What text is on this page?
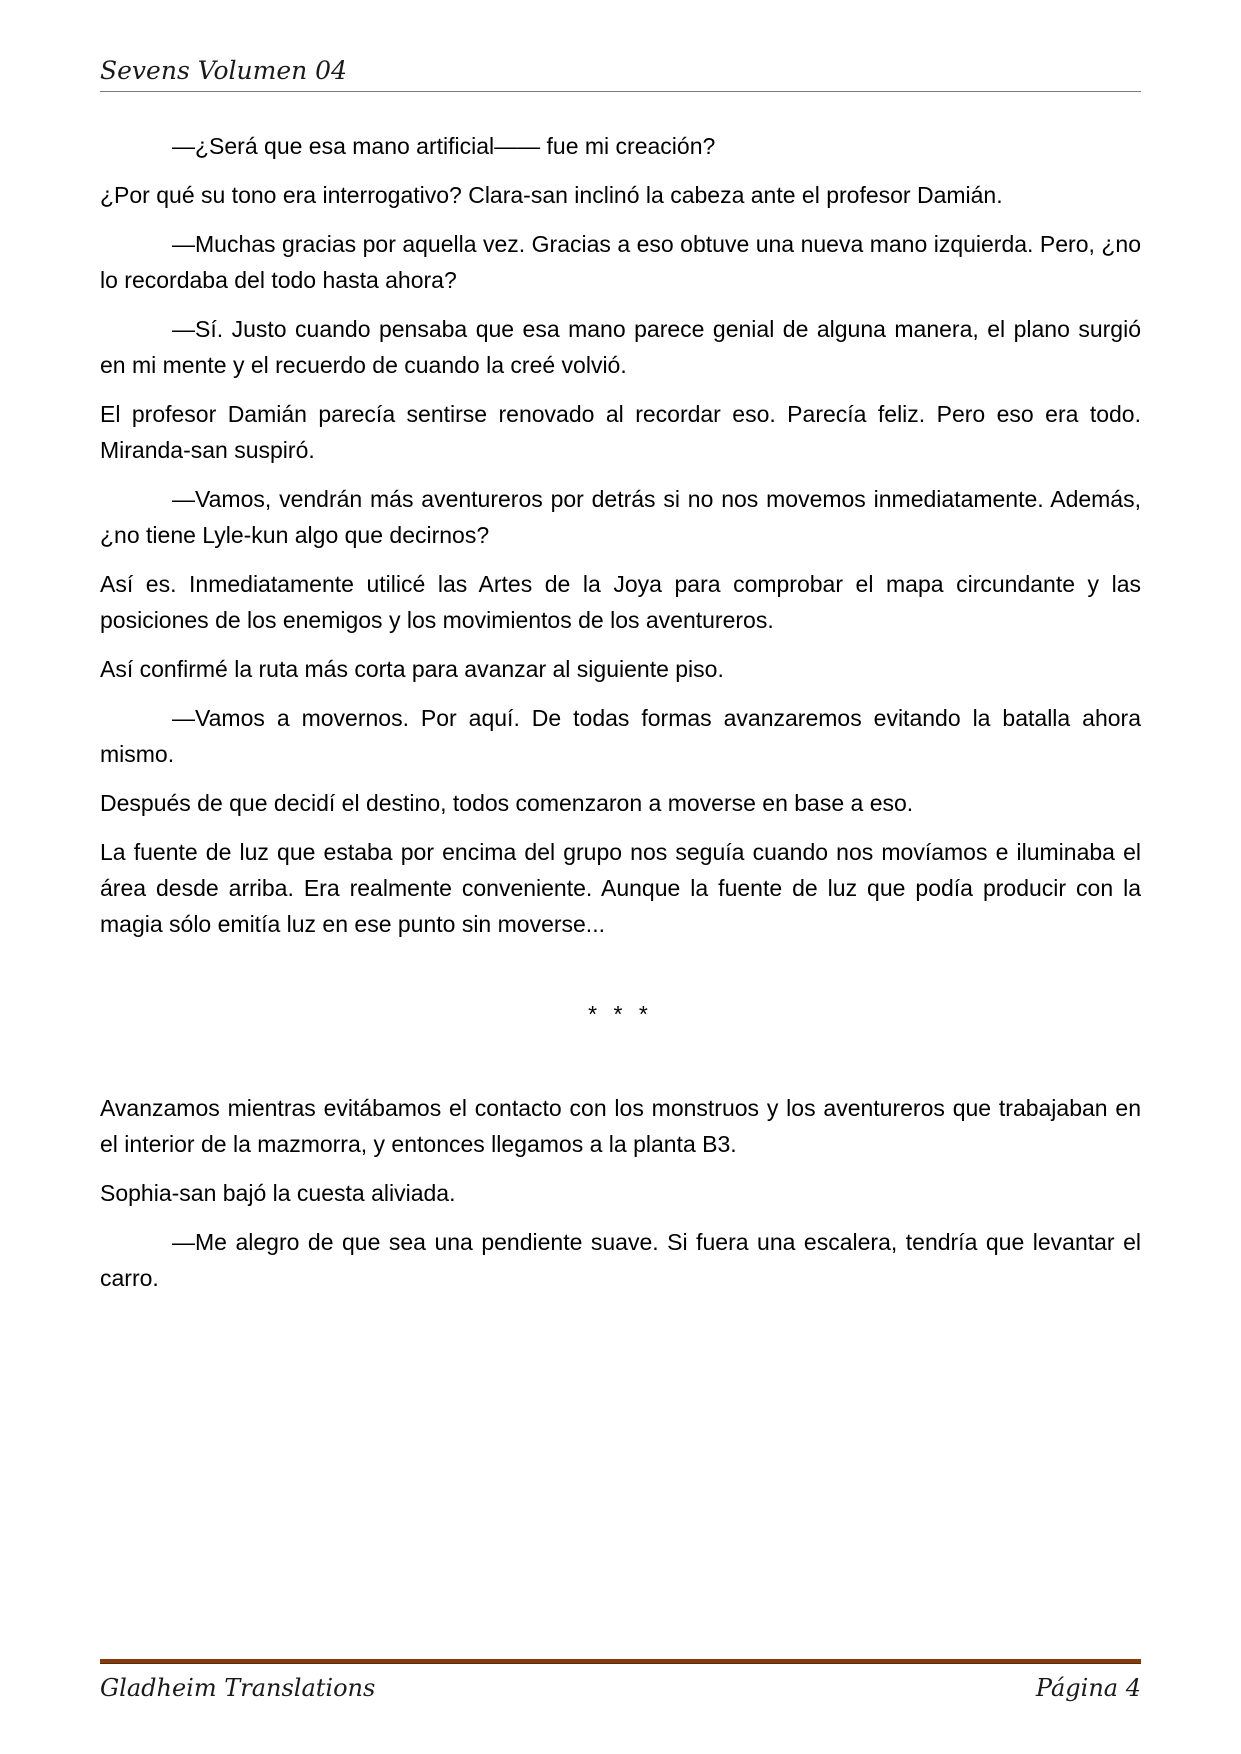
Sevens Volumen 04

—¿Será que esa mano artificial—— fue mi creación?

¿Por qué su tono era interrogativo? Clara-san inclinó la cabeza ante el profesor Damián.

—Muchas gracias por aquella vez. Gracias a eso obtuve una nueva mano izquierda. Pero, ¿no lo recordaba del todo hasta ahora?

—Sí. Justo cuando pensaba que esa mano parece genial de alguna manera, el plano surgió en mi mente y el recuerdo de cuando la creé volvió.

El profesor Damián parecía sentirse renovado al recordar eso. Parecía feliz. Pero eso era todo. Miranda-san suspiró.

—Vamos, vendrán más aventureros por detrás si no nos movemos inmediatamente. Además, ¿no tiene Lyle-kun algo que decirnos?

Así es. Inmediatamente utilicé las Artes de la Joya para comprobar el mapa circundante y las posiciones de los enemigos y los movimientos de los aventureros.

Así confirmé la ruta más corta para avanzar al siguiente piso.

—Vamos a movernos. Por aquí. De todas formas avanzaremos evitando la batalla ahora mismo.

Después de que decidí el destino, todos comenzaron a moverse en base a eso.

La fuente de luz que estaba por encima del grupo nos seguía cuando nos movíamos e iluminaba el área desde arriba. Era realmente conveniente. Aunque la fuente de luz que podía producir con la magia sólo emitía luz en ese punto sin moverse...

* * *

Avanzamos mientras evitábamos el contacto con los monstruos y los aventureros que trabajaban en el interior de la mazmorra, y entonces llegamos a la planta B3.

Sophia-san bajó la cuesta aliviada.

—Me alegro de que sea una pendiente suave. Si fuera una escalera, tendría que levantar el carro.

Gladheim Translations	Página 4
